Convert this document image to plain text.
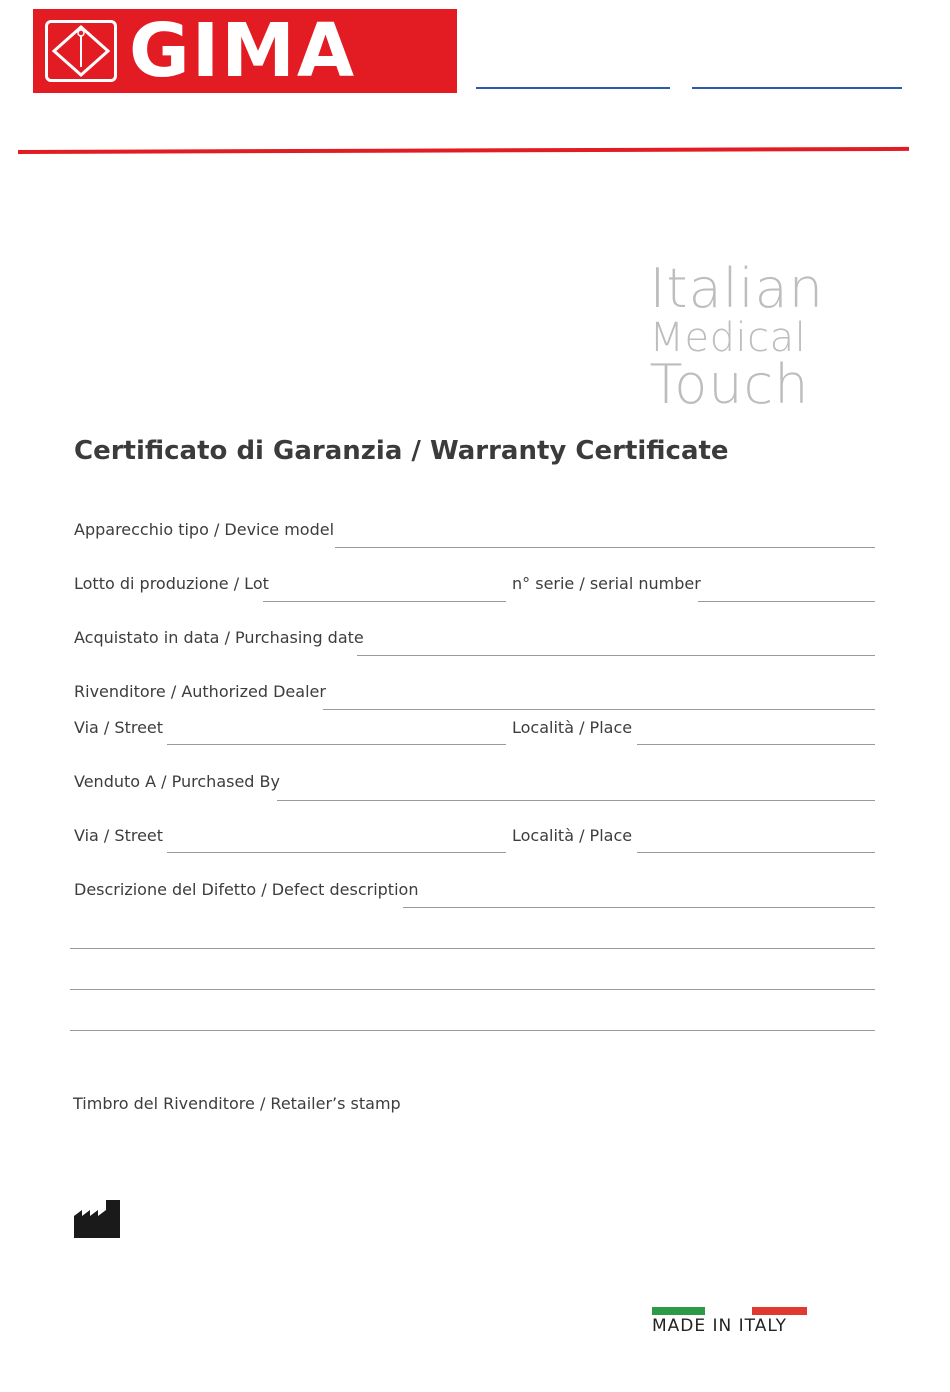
GIMA
Italian
Medical
Touch
Certificato di Garanzia / Warranty Certificate
Apparecchio tipo / Device model
Lotto di produzione / Lot	n° serie / serial number
Acquistato in data / Purchasing date
Rivenditore / Authorized Dealer
Via / Street	Località / Place
Venduto A / Purchased By
Via / Street	Località / Place
Descrizione del Difetto / Defect description
Timbro del Rivenditore / Retailer’s stamp
MADE IN ITALY
